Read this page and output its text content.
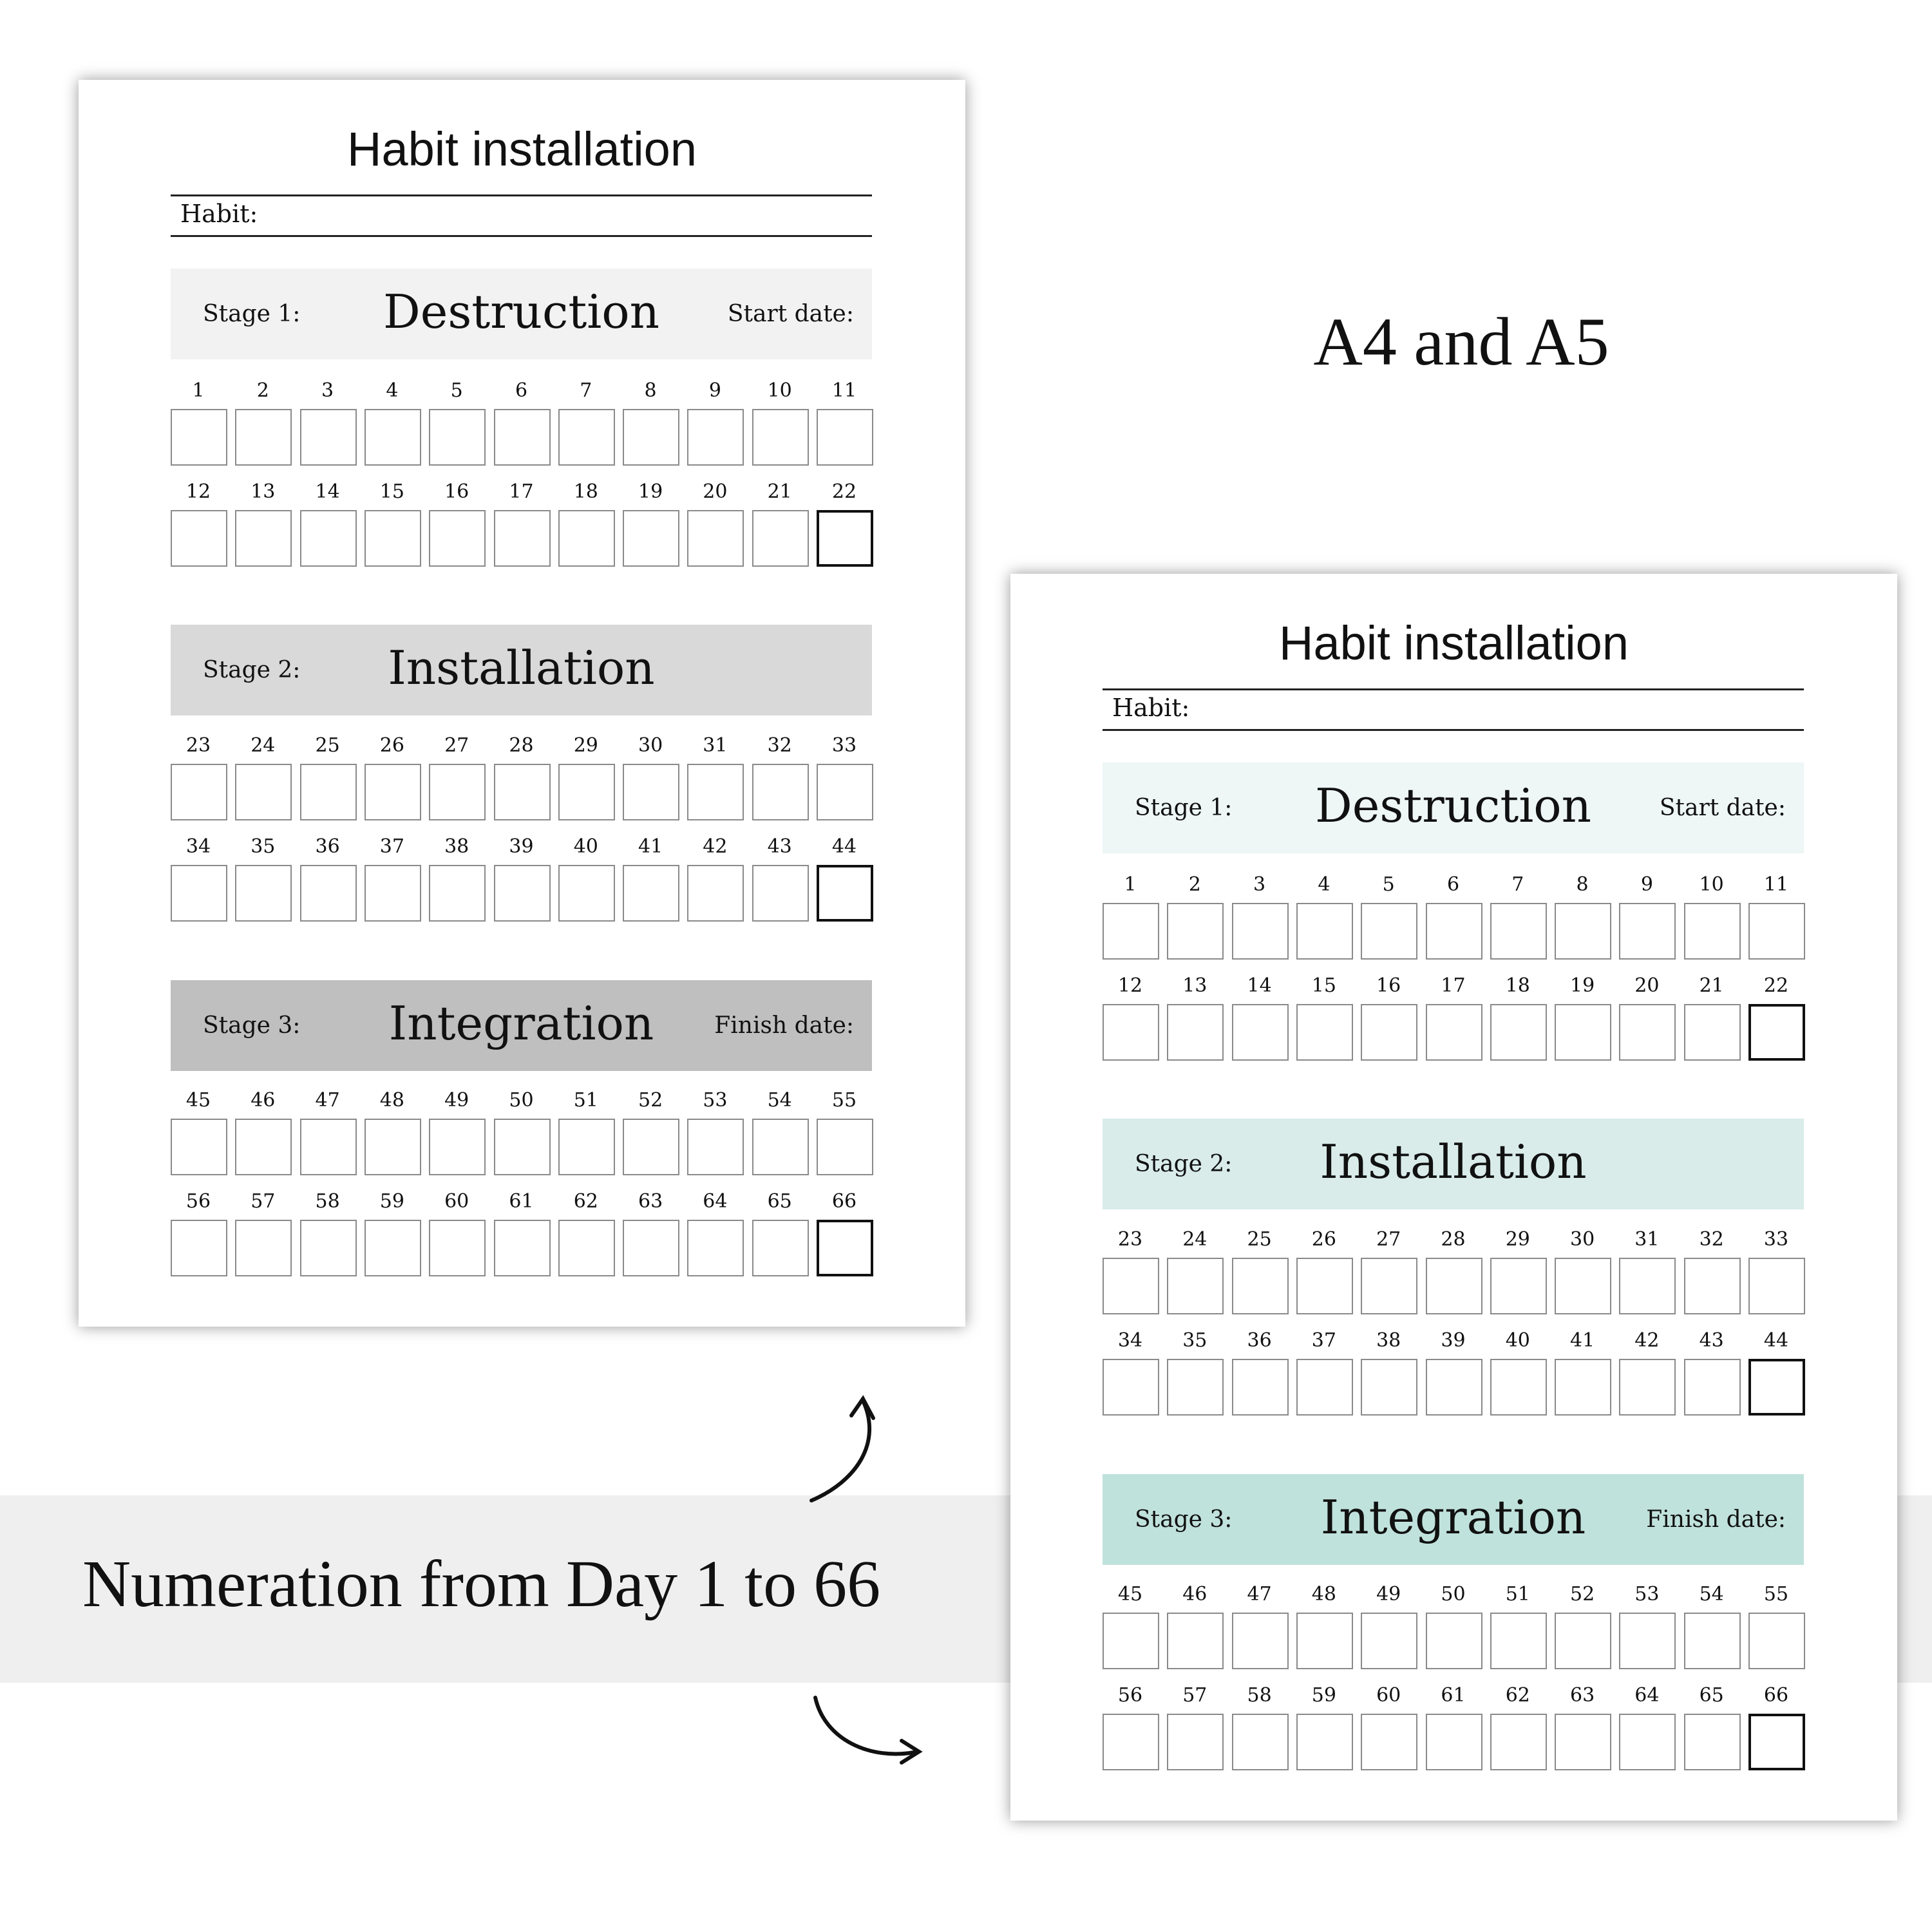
Numeration from Day 1 to 66
A4 and A5
Habit installation
Habit:
Stage 1:	Destruction	Start date:
1	2	3	4	5	6	7	8	9	10	11
12	13	14	15	16	17	18	19	20	21	22
Stage 2:	Installation
23	24	25	26	27	28	29	30	31	32	33
34	35	36	37	38	39	40	41	42	43	44
Stage 3:	Integration	Finish date:
45	46	47	48	49	50	51	52	53	54	55
56	57	58	59	60	61	62	63	64	65	66
Habit installation
Habit:
Stage 1:	Destruction	Start date:
1	2	3	4	5	6	7	8	9	10	11
12	13	14	15	16	17	18	19	20	21	22
Stage 2:	Installation
23	24	25	26	27	28	29	30	31	32	33
34	35	36	37	38	39	40	41	42	43	44
Stage 3:	Integration	Finish date:
45	46	47	48	49	50	51	52	53	54	55
56	57	58	59	60	61	62	63	64	65	66
